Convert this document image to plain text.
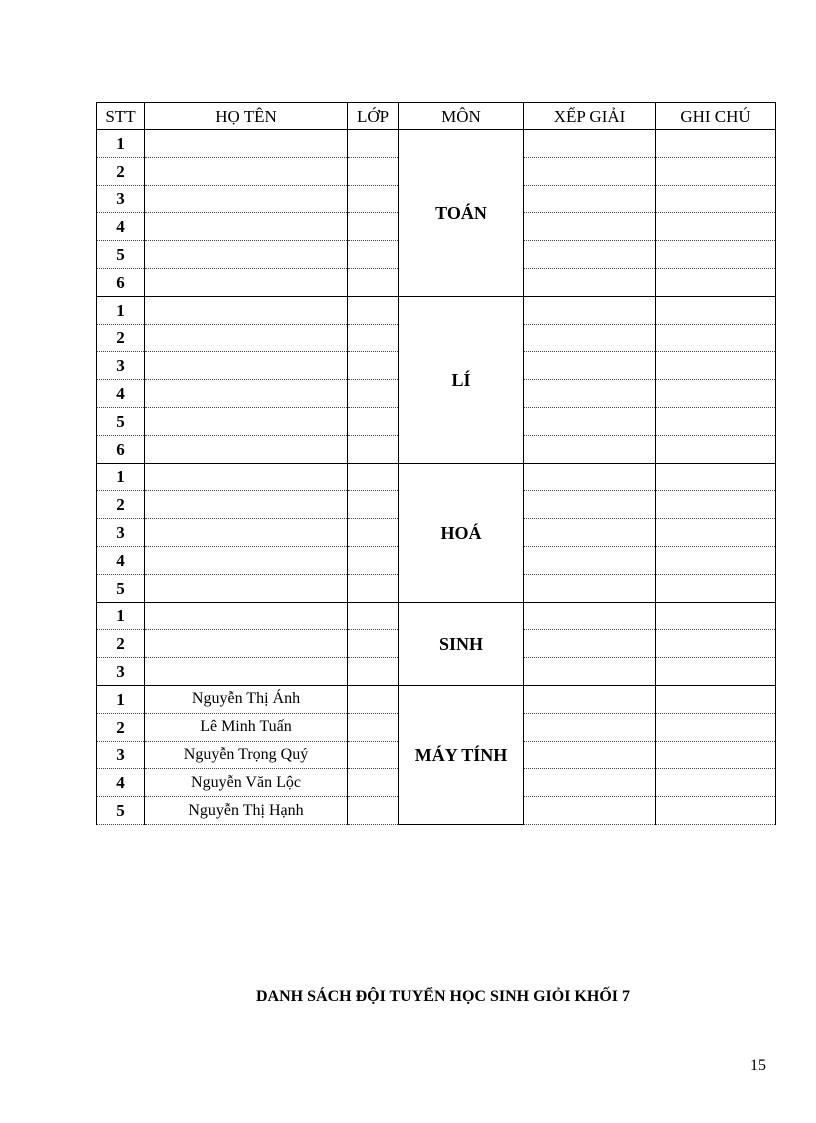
STT	HỌ TÊN	LỚP	MÔN	XẾP GIẢI	GHI CHÚ
1			TOÁN		
2					
3					
4					
5					
6					
1			LÍ		
2					
3					
4					
5					
6					
1			HOÁ		
2					
3					
4					
5					
1			SINH		
2					
3					
1	Nguyễn Thị Ánh		MÁY TÍNH		
2	Lê Minh Tuấn				
3	Nguyễn Trọng Quý				
4	Nguyễn Văn Lộc				
5	Nguyễn Thị Hạnh				
DANH SÁCH ĐỘI TUYỂN HỌC SINH GIỎI KHỐI 7
15
